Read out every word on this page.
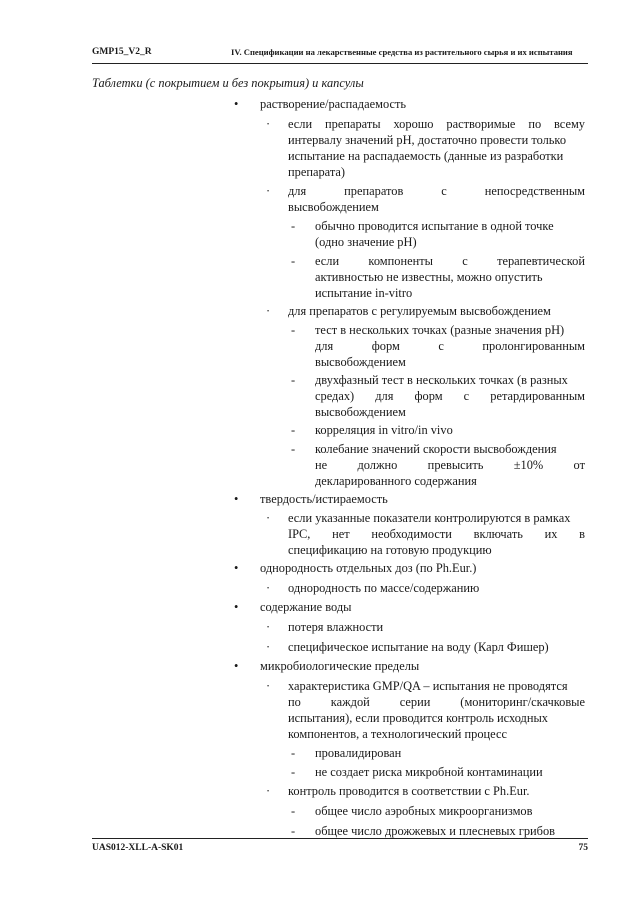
GMP15_V2_R	IV. Спецификации на лекарственные средства из растительного сырья и их испытания
Таблетки (с покрытием и без покрытия) и капсулы
• растворение/распадаемость
· если препараты хорошо растворимые по всему
интервалу значений pH, достаточно провести только
испытание на распадаемость (данные из разработки
препарата)
· для препаратов с непосредственным
высвобождением
- обычно проводится испытание в одной точке
(одно значение pH)
- если компоненты с терапевтической
активностью не известны, можно опустить
испытание in-vitro
· для препаратов с регулируемым высвобождением
- тест в нескольких точках (разные значения pH)
для форм с пролонгированным
высвобождением
- двухфазный тест в нескольких точках (в разных
средах) для форм с ретардированным
высвобождением
- корреляция in vitro/in vivo
- колебание значений скорости высвобождения
не должно превысить ±10% от
декларированного содержания
• твердость/истираемость
· если указанные показатели контролируются в рамках
IPC, нет необходимости включать их в
спецификацию на готовую продукцию
• однородность отдельных доз (по Ph.Eur.)
· однородность по массе/содержанию
• содержание воды
· потеря влажности
· специфическое испытание на воду (Карл Фишер)
• микробиологические пределы
· характеристика GMP/QA – испытания не проводятся
по каждой серии (мониторинг/скачковые
испытания), если проводится контроль исходных
компонентов, а технологический процесс
- провалидирован
- не создает риска микробной контаминации
· контроль проводится в соответствии с Ph.Eur.
- общее число аэробных микроорганизмов
- общее число дрожжевых и плесневых грибов
UAS012-XLL-A-SK01	75
